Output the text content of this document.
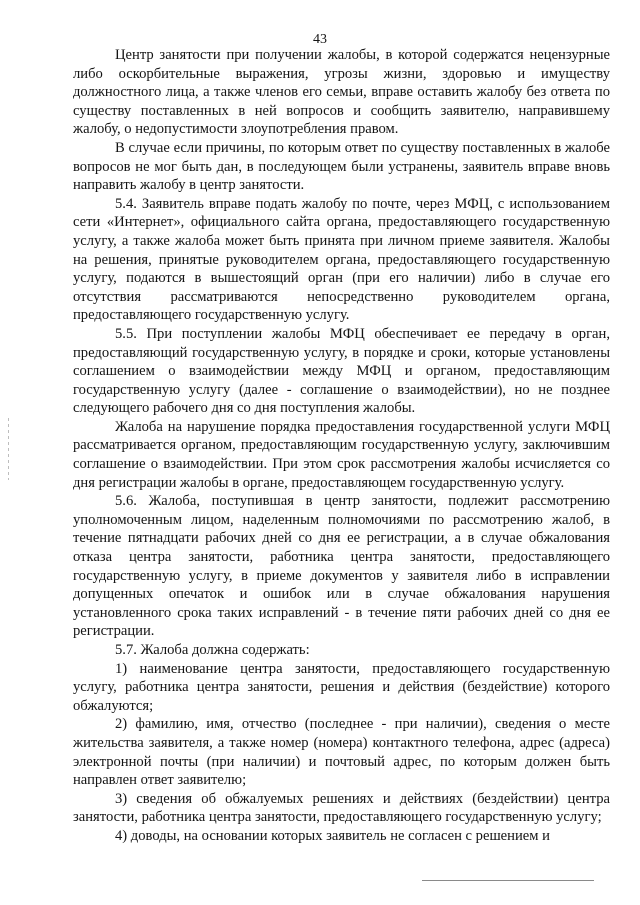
43

Центр занятости при получении жалобы, в которой содержатся нецензурные либо оскорбительные выражения, угрозы жизни, здоровью и имуществу должностного лица, а также членов его семьи, вправе оставить жалобу без ответа по существу поставленных в ней вопросов и сообщить заявителю, направившему жалобу, о недопустимости злоупотребления правом.

В случае если причины, по которым ответ по существу поставленных в жалобе вопросов не мог быть дан, в последующем были устранены, заявитель вправе вновь направить жалобу в центр занятости.

5.4. Заявитель вправе подать жалобу по почте, через МФЦ, с использованием сети «Интернет», официального сайта органа, предоставляющего государственную услугу, а также жалоба может быть принята при личном приеме заявителя. Жалобы на решения, принятые руководителем органа, предоставляющего государственную услугу, подаются в вышестоящий орган (при его наличии) либо в случае его отсутствия рассматриваются непосредственно руководителем органа, предоставляющего государственную услугу.

5.5. При поступлении жалобы МФЦ обеспечивает ее передачу в орган, предоставляющий государственную услугу, в порядке и сроки, которые установлены соглашением о взаимодействии между МФЦ и органом, предоставляющим государственную услугу (далее - соглашение о взаимодействии), но не позднее следующего рабочего дня со дня поступления жалобы.

Жалоба на нарушение порядка предоставления государственной услуги МФЦ рассматривается органом, предоставляющим государственную услугу, заключившим соглашение о взаимодействии. При этом срок рассмотрения жалобы исчисляется со дня регистрации жалобы в органе, предоставляющем государственную услугу.

5.6. Жалоба, поступившая в центр занятости, подлежит рассмотрению уполномоченным лицом, наделенным полномочиями по рассмотрению жалоб, в течение пятнадцати рабочих дней со дня ее регистрации, а в случае обжалования отказа центра занятости, работника центра занятости, предоставляющего государственную услугу, в приеме документов у заявителя либо в исправлении допущенных опечаток и ошибок или в случае обжалования нарушения установленного срока таких исправлений - в течение пяти рабочих дней со дня ее регистрации.

5.7. Жалоба должна содержать:

1) наименование центра занятости, предоставляющего государственную услугу, работника центра занятости, решения и действия (бездействие) которого обжалуются;

2) фамилию, имя, отчество (последнее - при наличии), сведения о месте жительства заявителя, а также номер (номера) контактного телефона, адрес (адреса) электронной почты (при наличии) и почтовый адрес, по которым должен быть направлен ответ заявителю;

3) сведения об обжалуемых решениях и действиях (бездействии) центра занятости, работника центра занятости, предоставляющего государственную услугу;

4) доводы, на основании которых заявитель не согласен с решением и
